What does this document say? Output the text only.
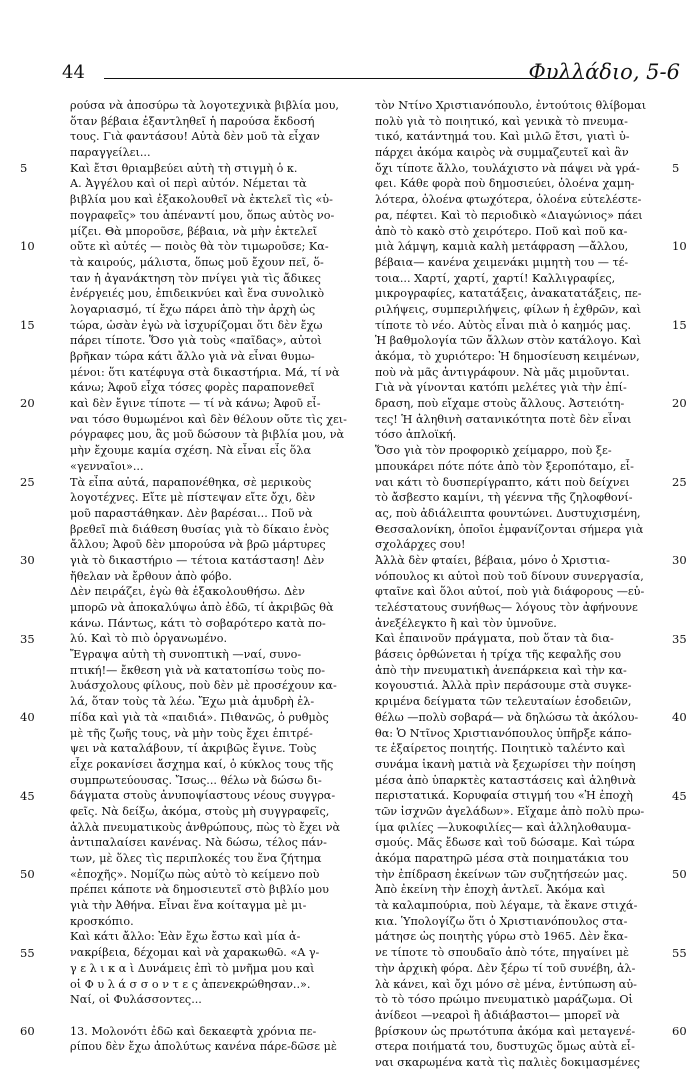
44	Φυλλάδιο, 5-6
ρούσα νὰ ἀποσύρω τὰ λογοτεχνικὰ βιβλία μου,
ὅταν βέβαια ἐξαντληθεῖ ἡ παρούσα ἔκδοσή
τους. Γιὰ φαντάσου! Αὐτὰ δὲν μοῦ τὰ εἶχαν
παραγγείλει...
Καὶ ἔτσι θριαμβεύει αὐτὴ τὴ στιγμὴ ὁ κ.
Α. Ἀγγέλου καὶ οἱ περὶ αὐτόν. Νέμεται τὰ
βιβλία μου καὶ ἐξακολουθεῖ νὰ ἐκτελεῖ τὶς «ὑ-
πογραφεῖς» του ἀπέναντί μου, ὅπως αὐτὸς νο-
μίζει. Θὰ μποροῦσε, βέβαια, νὰ μὴν ἐκτελεῖ
οὔτε κὶ αὐτές — ποιὸς θὰ τὸν τιμωροῦσε; Κα-
τὰ καιρούς, μάλιστα, ὅπως μοῦ ἔχουν πεῖ, ὅ-
ταν ἡ ἀγανάκτηση τὸν πνίγει γιὰ τὶς ἄδικες
ἐνέργειές μου, ἐπιδεικνύει καὶ ἕνα συνολικὸ
λογαριασμό, τί ἔχω πάρει ἀπὸ τὴν ἀρχὴ ὡς
τώρα, ὡσὰν ἐγὼ νὰ ἰσχυρίζομαι ὅτι δὲν ἔχω
πάρει τίποτε. Ὅσο γιὰ τοὺς «παῖδας», αὐτοὶ
βρῆκαν τώρα κάτι ἄλλο γιὰ νὰ εἶναι θυμω-
μένοι: ὅτι κατέφυγα στὰ δικαστήρια. Μά, τί νὰ
κάνω; Ἀφοῦ εἶχα τόσες φορὲς παραπονεθεῖ
καὶ δὲν ἔγινε τίποτε — τί νὰ κάνω; Ἀφοῦ εἶ-
ναι τόσο θυμωμένοι καὶ δὲν θέλουν οὔτε τὶς χει-
ρόγραφες μου, ἃς μοῦ δώσουν τὰ βιβλία μου, νὰ
μὴν ἔχουμε καμία σχέση. Νὰ εἶναι εἷς ὅλα
«γενναῖοι»...
Τὰ εἶπα αὐτά, παραπονέθηκα, σὲ μερικοὺς
λογοτέχνες. Εἴτε μὲ πίστεψαν εἴτε ὄχι, δὲν
μοῦ παραστάθηκαν. Δὲν βαρέσαι... Ποῦ νὰ
βρεθεῖ πιὰ διάθεση θυσίας γιὰ τὸ δίκαιο ἑνὸς
ἄλλου; Ἀφοῦ δὲν μπορούσα νὰ βρῶ μάρτυρες
γιὰ τὸ δικαστήριο — τέτοια κατάσταση! Δὲν
ἤθελαν νὰ ἔρθουν ἀπὸ φόβο.
Δὲν πειράζει, ἐγὼ θὰ ἐξακολουθήσω. Δὲν
μπορῶ νὰ ἀποκαλύψω ἀπὸ ἐδῶ, τί ἀκριβῶς θὰ
κάνω. Πάντως, κάτι τὸ σοβαρότερο κατὰ πο-
λύ. Καὶ τὸ πιὸ ὀργανωμένο.
Ἔγραψα αὐτὴ τὴ συνοπτικὴ —ναί, συνο-
πτική!— ἔκθεση γιὰ νὰ κατατοπίσω τοὺς πο-
λυάσχολους φίλους, ποὺ δὲν μὲ προσέχουν κα-
λά, ὅταν τοὺς τὰ λέω. Ἔχω μιὰ ἀμυδρὴ ἐλ-
πίδα καὶ γιὰ τὰ «παιδιά». Πιθανῶς, ὁ ρυθμὸς
μὲ τῆς ζωῆς τους, νὰ μὴν τοὺς ἔχει ἐπιτρέ-
ψει νὰ καταλάβουν, τί ἀκριβῶς ἔγινε. Τοὺς
εἶχε ροκανίσει ἄσχημα καί, ὁ κύκλος τους τῆς
συμπρωτεύουσας. Ἴσως... θέλω νὰ δώσω δι-
δάγματα στοὺς ἀνυποψίαστους νέους συγγρα-
φεῖς. Νὰ δείξω, ἀκόμα, στοὺς μὴ συγγραφεῖς,
ἀλλὰ πνευματικοὺς ἀνθρώπους, πὼς τὸ ἔχει νὰ
ἀντιπαλαίσει κανένας. Νὰ δώσω, τέλος πάν-
των, μὲ ὅλες τὶς περιπλοκές του ἕνα ζήτημα
«ἐποχῆς». Νομίζω πὼς αὐτὸ τὸ κείμενο ποὺ
πρέπει κάποτε νὰ δημοσιευτεῖ στὸ βιβλίο μου
γιὰ τὴν Ἀθήνα. Εἶναι ἕνα κοίταγμα μὲ μι-
κροσκόπιο.
Καὶ κάτι ἄλλο: Ἐὰν ἔχω ἔστω καὶ μία ἀ-
νακρίβεια, δέχομαι καὶ νὰ χαρακωθῶ. «Α γ-
γ ε λ ι κ α ὶ Δυνάμεις ἐπὶ τὸ μνῆμα μου καὶ
οἱ Φ υ λ ά σ σ ο ν τ ε ς ἀπενεκρώθησαν..».
Ναί, οἱ Φυλάσσοντες...
13. Μολονότι ἐδῶ καὶ δεκαεφτὰ χρόνια πε-
ρίπου δὲν ἔχω ἀπολύτως κανένα πάρε-δῶσε μὲ
τὸν Ντίνο Χριστιανόπουλο, ἐντούτοις θλίβομαι
πολὺ γιὰ τὸ ποιητικό, καὶ γενικὰ τὸ πνευμα-
τικό, κατάντημά του. Καὶ μιλῶ ἔτσι, γιατὶ ὑ-
πάρχει ἀκόμα καιρὸς νὰ συμμαζευτεῖ καὶ ἂν
ὄχι τίποτε ἄλλο, τουλάχιστο νὰ πάψει νὰ γρά-
φει. Κάθε φορὰ ποὺ δημοσιεύει, ὁλοένα χαμη-
λότερα, ὁλοένα φτωχότερα, ὁλοένα εὐτελέστε-
ρα, πέφτει. Καὶ τὸ περιοδικὸ «Διαγώνιος» πάει
ἀπὸ τὸ κακὸ στὸ χειρότερο. Ποῦ καὶ ποῦ κα-
μιὰ λάμψη, καμιὰ καλὴ μετάφραση —ἄλλου,
βέβαια— κανένα χειμενάκι μιμητὴ του — τέ-
τοια... Χαρτί, χαρτί, χαρτί! Καλλιγραφίες,
μικρογραφίες, κατατάξεις, ἀνακατατάξεις, πε-
ριλήψεις, συμπεριλήψεις, φίλων ἡ ἐχθρῶν, καὶ
τίποτε τὸ νέο. Αὐτὸς εἶναι πιὰ ὁ καημός μας.
Ἡ βαθμολογία τῶν ἄλλων στὸν κατάλογο. Καὶ
ἀκόμα, τὸ χυριότερο: Ἡ δημοσίευση κειμένων,
ποὺ νὰ μᾶς ἀντιγράφουν. Νὰ μᾶς μιμοῦνται.
Γιὰ νὰ γίνονται κατόπι μελέτες γιὰ τὴν ἐπί-
δραση, ποὺ εἴχαμε στοὺς ἄλλους. Ἀστειότη-
τες! Ἡ ἀληθινὴ σατανικότητα ποτὲ δὲν εἶναι
τόσο ἁπλοϊκή.
Ὅσο γιὰ τὸν προφορικὸ χείμαρρο, ποὺ ξε-
μπουκάρει πότε πότε ἀπὸ τὸν ξεροπόταμο, εἶ-
ναι κάτι τὸ δυσπερίγραπτο, κάτι ποὺ δείχνει
τὸ ἄσβεστο καμίνι, τὴ γέεννα τῆς ζηλοφθονί-
ας, ποὺ ἀδιάλειπτα φουντώνει. Δυστυχισμένη,
Θεσσαλονίκη, ὁποῖοι ἐμφανίζονται σήμερα γιὰ
σχολάρχες σου!
Ἀλλὰ δὲν φταίει, βέβαια, μόνο ὁ Χριστια-
νόπουλος κι αὐτοὶ ποὺ τοῦ δίνουν συνεργασία,
φταῖνε καὶ ὅλοι αὐτοί, ποὺ γιὰ διάφορους —εὐ-
τελέστατους συνήθως— λόγους τὸν ἀφήνουνε
ἀνεξέλεγκτο ἢ καὶ τὸν ὑμνοῦνε.
Καὶ ἐπαινοῦν πράγματα, ποὺ ὅταν τὰ δια-
βάσεις ὀρθώνεται ἡ τρίχα τῆς κεφαλῆς σου
ἀπὸ τὴν πνευματικὴ ἀνεπάρκεια καὶ τὴν κα-
κογουστιά. Ἀλλὰ πρὶν περάσουμε στὰ συγκε-
κριμένα δείγματα τῶν τελευταίων ἐσοδειῶν,
θέλω —πολὺ σοβαρά— νὰ δηλώσω τὰ ἀκόλου-
θα: Ὁ Ντῖνος Χριστιανόπουλος ὑπῆρξε κάπο-
τε ἐξαίρετος ποιητής. Ποιητικὸ ταλέντο καὶ
συνάμα ἱκανὴ ματιὰ νὰ ξεχωρίσει τὴν ποίηση
μέσα ἀπὸ ὑπαρκτὲς καταστάσεις καὶ ἀληθινὰ
περιστατικά. Κορυφαία στιγμή του «Ἡ ἐποχὴ
τῶν ἰσχνῶν ἀγελάδων». Εἴχαμε ἀπὸ πολὺ πρω-
ίμα φιλίες —λυκοφιλίες— καὶ ἀλληλοθαυμα-
σμούς. Μᾶς ἔδωσε καὶ τοῦ δώσαμε. Καὶ τώρα
ἀκόμα παρατηρῶ μέσα στὰ ποιηματάκια του
τὴν ἐπίδραση ἐκείνων τῶν συζητήσεών μας.
Ἀπὸ ἐκείνη τὴν ἐποχὴ ἀντλεῖ. Ἀκόμα καὶ
τὰ καλαμπούρια, ποὺ λέγαμε, τὰ ἔκανε στιχά-
κια. Ὑπολογίζω ὅτι ὁ Χριστιανόπουλος στα-
μάτησε ὡς ποιητὴς γύρω στὸ 1965. Δὲν ἔκα-
νε τίποτε τὸ σπουδαῖο ἀπὸ τότε, πηγαίνει μὲ
τὴν ἀρχικὴ φόρα. Δὲν ξέρω τί τοῦ συνέβη, ἀλ-
λὰ κάνει, καὶ ὄχι μόνο σὲ μένα, ἐντύπωση αὐ-
τὸ τὸ τόσο πρώιμο πνευματικὸ μαράζωμα. Οἱ
ἀνίδεοι —νεαροὶ ἢ ἀδιάβαστοι— μπορεῖ νὰ
βρίσκουν ὡς πρωτότυπα ἀκόμα καὶ μεταγενέ-
στερα ποιήματά του, δυστυχῶς ὅμως αὐτὰ εἶ-
ναι σκαρωμένα κατὰ τὶς παλιὲς δοκιμασμένες
5
10
15
20
25
30
35
40
45
50
55
60
5
10
15
20
25
30
35
40
45
50
55
60
